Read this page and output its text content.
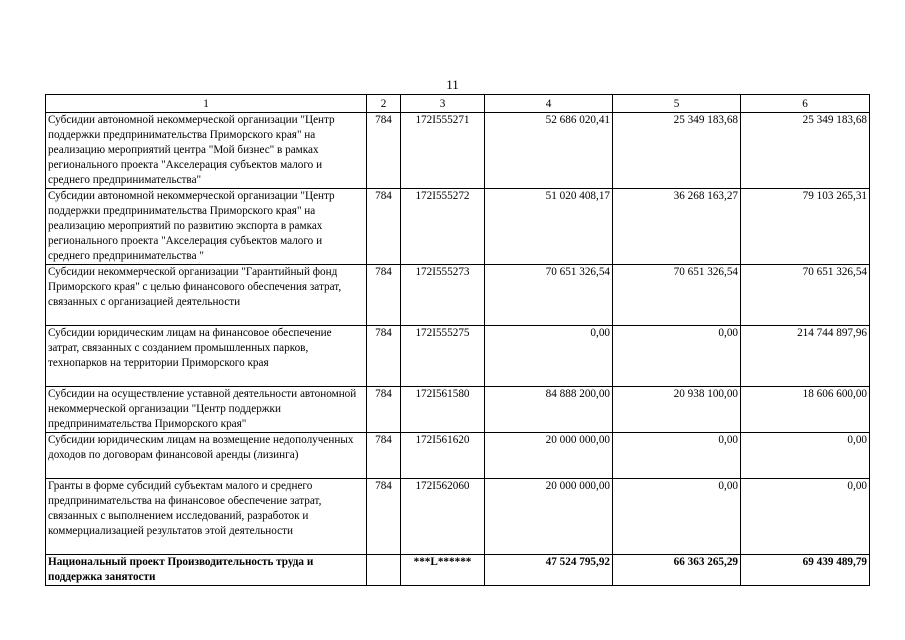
11
1	2	3	4	5	6
Субсидии автономной некоммерческой организации "Центр поддержки предпринимательства Приморского края" на реализацию мероприятий центра "Мой бизнес" в рамках регионального проекта "Акселерация субъектов малого и среднего предпринимательства"	784	172I555271	52 686 020,41	25 349 183,68	25 349 183,68
Субсидии автономной некоммерческой организации "Центр поддержки предпринимательства Приморского края" на реализацию мероприятий по развитию экспорта в рамках регионального проекта "Акселерация субъектов малого и среднего предпринимательства "	784	172I555272	51 020 408,17	36 268 163,27	79 103 265,31
Субсидии некоммерческой организации "Гарантийный фонд Приморского края" с целью финансового обеспечения затрат, связанных с организацией деятельности	784	172I555273	70 651 326,54	70 651 326,54	70 651 326,54
Субсидии юридическим лицам на финансовое обеспечение затрат, связанных с созданием промышленных парков, технопарков на территории Приморского края	784	172I555275	0,00	0,00	214 744 897,96
Субсидии на осуществление уставной деятельности автономной некоммерческой организации "Центр поддержки предпринимательства Приморского края"	784	172I561580	84 888 200,00	20 938 100,00	18 606 600,00
Субсидии юридическим лицам на возмещение недополученных доходов по договорам финансовой аренды (лизинга)	784	172I561620	20 000 000,00	0,00	0,00
Гранты в форме субсидий субъектам малого и среднего предпринимательства на финансовое обеспечение затрат, связанных с выполнением исследований, разработок и коммерциализацией результатов этой деятельности	784	172I562060	20 000 000,00	0,00	0,00
Национальный проект Производительность труда и поддержка занятости		***L******	47 524 795,92	66 363 265,29	69 439 489,79
